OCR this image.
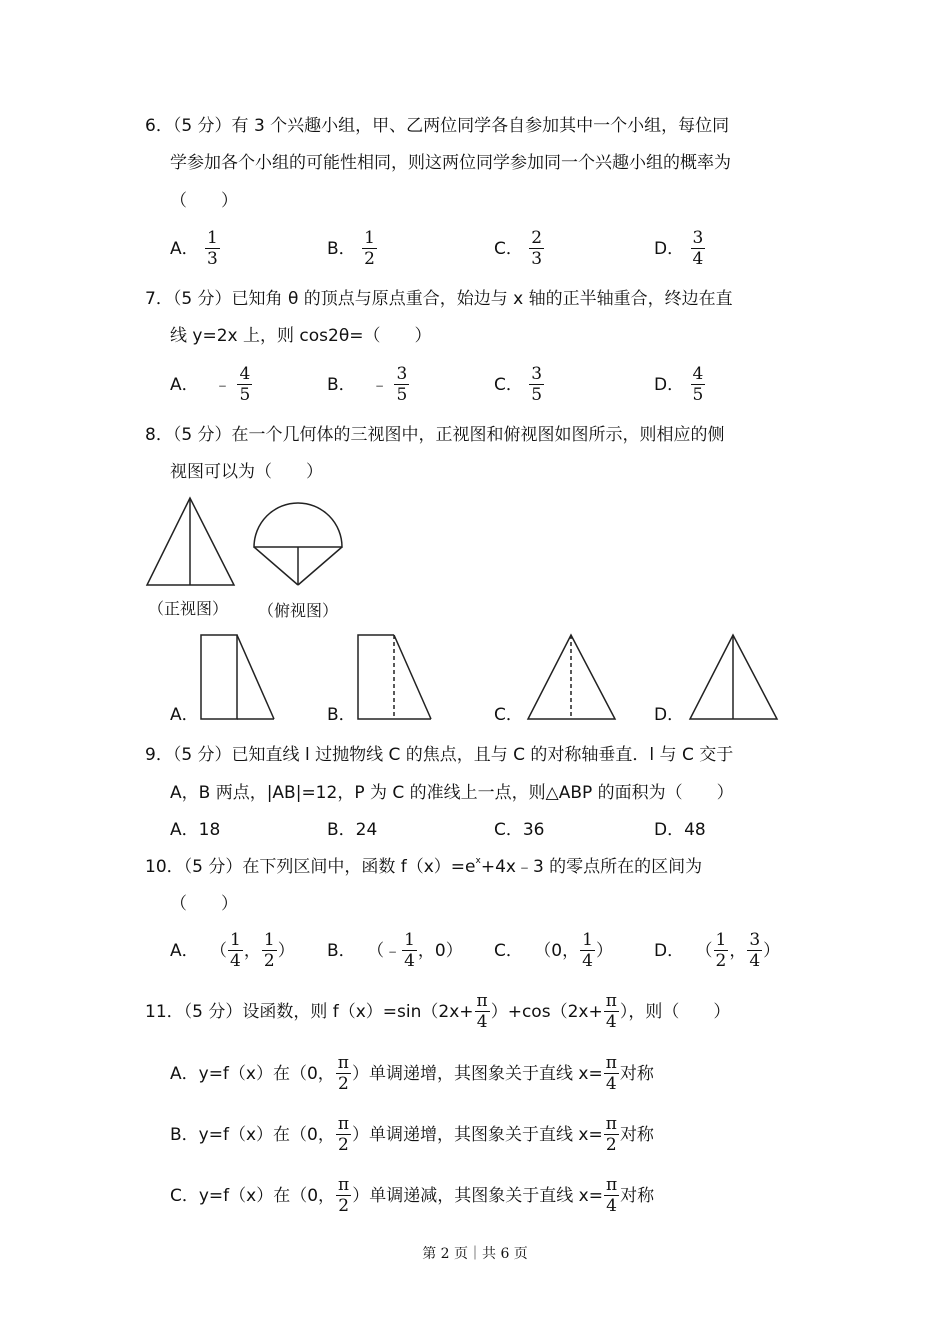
6．（5 分）有 3 个兴趣小组，甲、乙两位同学各自参加其中一个小组，每位同
学参加各个小组的可能性相同，则这两位同学参加同一个兴趣小组的概率为
（　　）
A． $\frac{1}{3}$	B． $\frac{1}{2}$	C． $\frac{2}{3}$	D． $\frac{3}{4}$
7．（5 分）已知角 θ 的顶点与原点重合，始边与 x 轴的正半轴重合，终边在直
线 y=2x 上，则 cos2θ=（　　）
A． ﹣ $\frac{4}{5}$	B． ﹣ $\frac{3}{5}$	C． $\frac{3}{5}$	D． $\frac{4}{5}$
8．（5 分）在一个几何体的三视图中，正视图和俯视图如图所示，则相应的侧
视图可以为（　　）
（正视图） （俯视图）
A．	B．	C．	D．
9．（5 分）已知直线 l 过抛物线 C 的焦点，且与 C 的对称轴垂直．l 与 C 交于
A，B 两点，|AB|=12，P 为 C 的准线上一点，则△ABP 的面积为（　　）
A．18	B．24	C．36	D．48
10．（5 分）在下列区间中，函数 $f(x)=e^x+4x﹣3$ 的零点所在的区间为
（　　）
A． （ $\frac{1}{4}$ ， $\frac{1}{2}$ ） B． （﹣ $\frac{1}{4}$ ，0） C． （0， $\frac{1}{4}$ ） D． （ $\frac{1}{2}$ ， $\frac{3}{4}$ ）
11．（5 分）设函数，则 $f(x)=\sin(2x+ \frac{\pi}{4} )+\cos(2x+ \frac{\pi}{4}$ ），则（　　）
A．y=f（x）在（0， $\frac{\pi}{2}$ ）单调递增，其图象关于直线 $x= \frac{\pi}{4}$ 对称
B．y=f（x）在（0， $\frac{\pi}{2}$ ）单调递增，其图象关于直线 $x= \frac{\pi}{2}$ 对称
C．y=f（x）在（0， $\frac{\pi}{2}$ ）单调递减，其图象关于直线 $x= \frac{\pi}{4}$ 对称
第 2 页｜共 6 页
